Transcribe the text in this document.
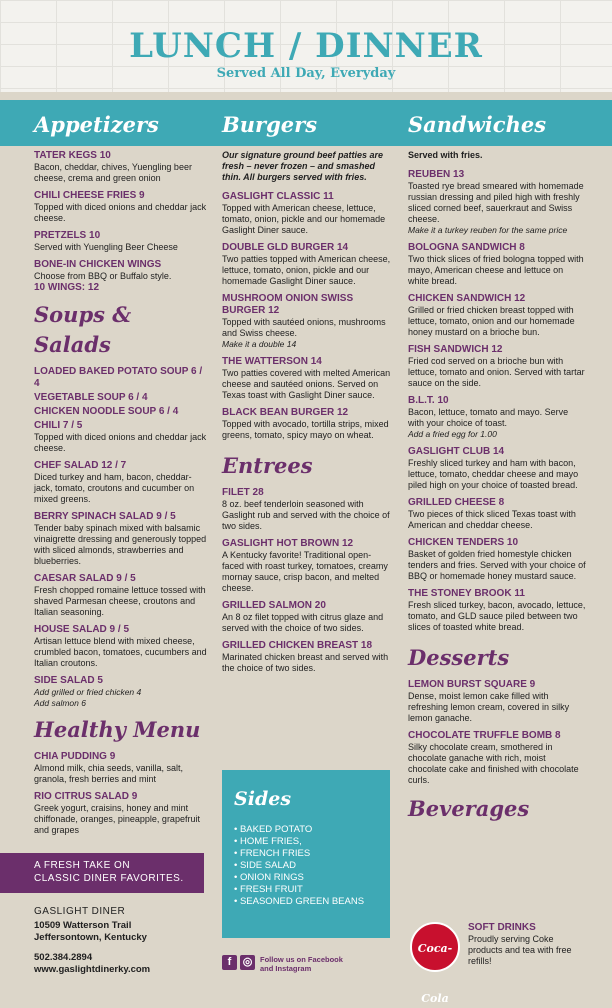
LUNCH / DINNER
Served All Day, Everyday
Appetizers
TATER KEGS 10
Bacon, cheddar, chives, Yuengling beer cheese, crema and green onion
CHILI CHEESE FRIES 9
Topped with diced onions and cheddar jack cheese.
PRETZELS 10
Served with Yuengling Beer Cheese
BONE-IN CHICKEN WINGS
Choose from BBQ or Buffalo style.
10 WINGS: 12
Soups & Salads
LOADED BAKED POTATO SOUP 6 / 4
VEGETABLE SOUP 6 / 4
CHICKEN NOODLE SOUP 6 / 4
CHILI 7 / 5
Topped with diced onions and cheddar jack cheese.
CHEF SALAD 12 / 7
Diced turkey and ham, bacon, cheddar-jack, tomato, croutons and cucumber on mixed greens.
BERRY SPINACH SALAD 9 / 5
Tender baby spinach mixed with balsamic vinaigrette dressing and generously topped with sliced almonds, strawberries and blueberries.
CAESAR SALAD 9 / 5
Fresh chopped romaine lettuce tossed with shaved Parmesan cheese, croutons and Italian seasoning.
HOUSE SALAD 9 / 5
Artisan lettuce blend with mixed cheese, crumbled bacon, tomatoes, cucumbers and Italian croutons.
SIDE SALAD 5
Add grilled or fried chicken 4
Add salmon 6
Healthy Menu
CHIA PUDDING 9
Almond milk, chia seeds, vanilla, salt, granola, fresh berries and mint
RIO CITRUS SALAD 9
Greek yogurt, craisins, honey and mint chiffonade, oranges, pineapple, grapefruit and grapes
A FRESH TAKE ON
CLASSIC DINER FAVORITES.
GASLIGHT DINER
10509 Watterson Trail
Jeffersontown, Kentucky
502.384.2894
www.gaslightdinerky.com
Burgers
Our signature ground beef patties are fresh – never frozen – and smashed thin. All burgers served with fries.
GASLIGHT CLASSIC 11
Topped with American cheese, lettuce, tomato, onion, pickle and our homemade Gaslight Diner sauce.
DOUBLE GLD BURGER 14
Two patties topped with American cheese, lettuce, tomato, onion, pickle and our homemade Gaslight Diner sauce.
MUSHROOM ONION SWISS BURGER 12
Topped with sautéed onions, mushrooms and Swiss cheese.
Make it a double 14
THE WATTERSON 14
Two patties covered with melted American cheese and sautéed onions. Served on Texas toast with Gaslight Diner sauce.
BLACK BEAN BURGER 12
Topped with avocado, tortilla strips, mixed greens, tomato, spicy mayo on wheat.
Entrees
FILET 28
8 oz. beef tenderloin seasoned with Gaslight rub and served with the choice of two sides.
GASLIGHT HOT BROWN 12
A Kentucky favorite! Traditional open-faced with roast turkey, tomatoes, creamy mornay sauce, crisp bacon, and melted cheese.
GRILLED SALMON 20
An 8 oz filet topped with citrus glaze and served with the choice of two sides.
GRILLED CHICKEN BREAST 18
Marinated chicken breast and served with the choice of two sides.
Sides
• BAKED POTATO
• HOME FRIES,
• FRENCH FRIES
• SIDE SALAD
• ONION RINGS
• FRESH FRUIT
• SEASONED GREEN BEANS
f	◎	Follow us on Facebook
and Instagram
Sandwiches
Served with fries.
REUBEN 13
Toasted rye bread smeared with homemade russian dressing and piled high with freshly sliced corned beef, sauerkraut and Swiss cheese.
Make it a turkey reuben for the same price
BOLOGNA SANDWICH 8
Two thick slices of fried bologna topped with mayo, American cheese and lettuce on white bread.
CHICKEN SANDWICH 12
Grilled or fried chicken breast topped with lettuce, tomato, onion and our homemade honey mustard on a brioche bun.
FISH SANDWICH 12
Fried cod served on a brioche bun with lettuce, tomato and onion. Served with tartar sauce on the side.
B.L.T. 10
Bacon, lettuce, tomato and mayo. Serve with your choice of toast.
Add a fried egg for 1.00
GASLIGHT CLUB 14
Freshly sliced turkey and ham with bacon, lettuce, tomato, cheddar cheese and mayo piled high on your choice of toasted bread.
GRILLED CHEESE 8
Two pieces of thick sliced Texas toast with American and cheddar cheese.
CHICKEN TENDERS 10
Basket of golden fried homestyle chicken tenders and fries. Served with your choice of BBQ or homemade honey mustard sauce.
THE STONEY BROOK 11
Fresh sliced turkey, bacon, avocado, lettuce, tomato, and GLD sauce piled between two slices of toasted white bread.
Desserts
LEMON BURST SQUARE 9
Dense, moist lemon cake filled with refreshing lemon cream, covered in silky lemon ganache.
CHOCOLATE TRUFFLE BOMB 8
Silky chocolate cream, smothered in chocolate ganache with rich, moist chocolate cake and finished with chocolate curls.
Beverages
Coca-Cola
SOFT DRINKS
Proudly serving Coke products and tea with free refills!
